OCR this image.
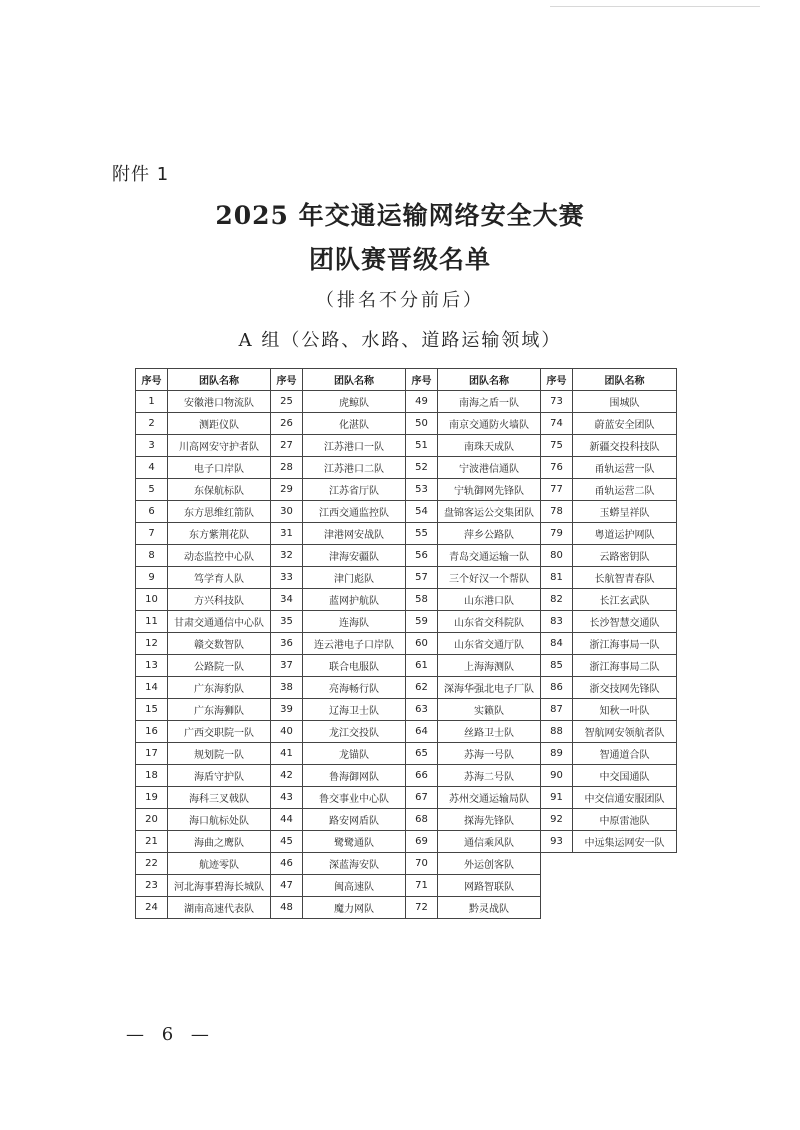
附件 1
2025 年交通运输网络安全大赛
团队赛晋级名单
（排名不分前后）
A 组（公路、水路、道路运输领域）
序号	团队名称	序号	团队名称	序号	团队名称	序号	团队名称
1	安徽港口物流队	25	虎鲸队	49	南海之盾一队	73	围城队
2	测距仪队	26	化湛队	50	南京交通防火墙队	74	蔚蓝安全团队
3	川高网安守护者队	27	江苏港口一队	51	南珠天成队	75	新疆交投科技队
4	电子口岸队	28	江苏港口二队	52	宁波港信通队	76	甬轨运营一队
5	东保航标队	29	江苏省厅队	53	宁轨御网先锋队	77	甬轨运营二队
6	东方思维红箭队	30	江西交通监控队	54	盘锦客运公交集团队	78	玉蟒呈祥队
7	东方紫荆花队	31	津港网安战队	55	萍乡公路队	79	粤道运护网队
8	动态监控中心队	32	津海安疆队	56	青岛交通运输一队	80	云路密钥队
9	笃学育人队	33	津门彪队	57	三个好汉一个帮队	81	长航智青春队
10	方兴科技队	34	蓝网护航队	58	山东港口队	82	长江玄武队
11	甘肃交通通信中心队	35	连海队	59	山东省交科院队	83	长沙智慧交通队
12	赣交数智队	36	连云港电子口岸队	60	山东省交通厅队	84	浙江海事局一队
13	公路院一队	37	联合电服队	61	上海海测队	85	浙江海事局二队
14	广东海豹队	38	亮海畅行队	62	深海华强北电子厂队	86	浙交技网先锋队
15	广东海狮队	39	辽海卫士队	63	实籁队	87	知秋一叶队
16	广西交职院一队	40	龙江交投队	64	丝路卫士队	88	智航网安领航者队
17	规划院一队	41	龙锚队	65	苏海一号队	89	智通道合队
18	海盾守护队	42	鲁海御网队	66	苏海二号队	90	中交国通队
19	海科三叉戟队	43	鲁交事业中心队	67	苏州交通运输局队	91	中交信通安服团队
20	海口航标处队	44	路安网盾队	68	探海先锋队	92	中原雷池队
21	海曲之鹰队	45	鹭鹭通队	69	通信乘风队	93	中远集运网安一队
22	航迹零队	46	深蓝海安队	70	外运创客队		
23	河北海事碧海长城队	47	闽高速队	71	网路智联队		
24	湖南高速代表队	48	魔力网队	72	黔灵战队		
— 6 —
